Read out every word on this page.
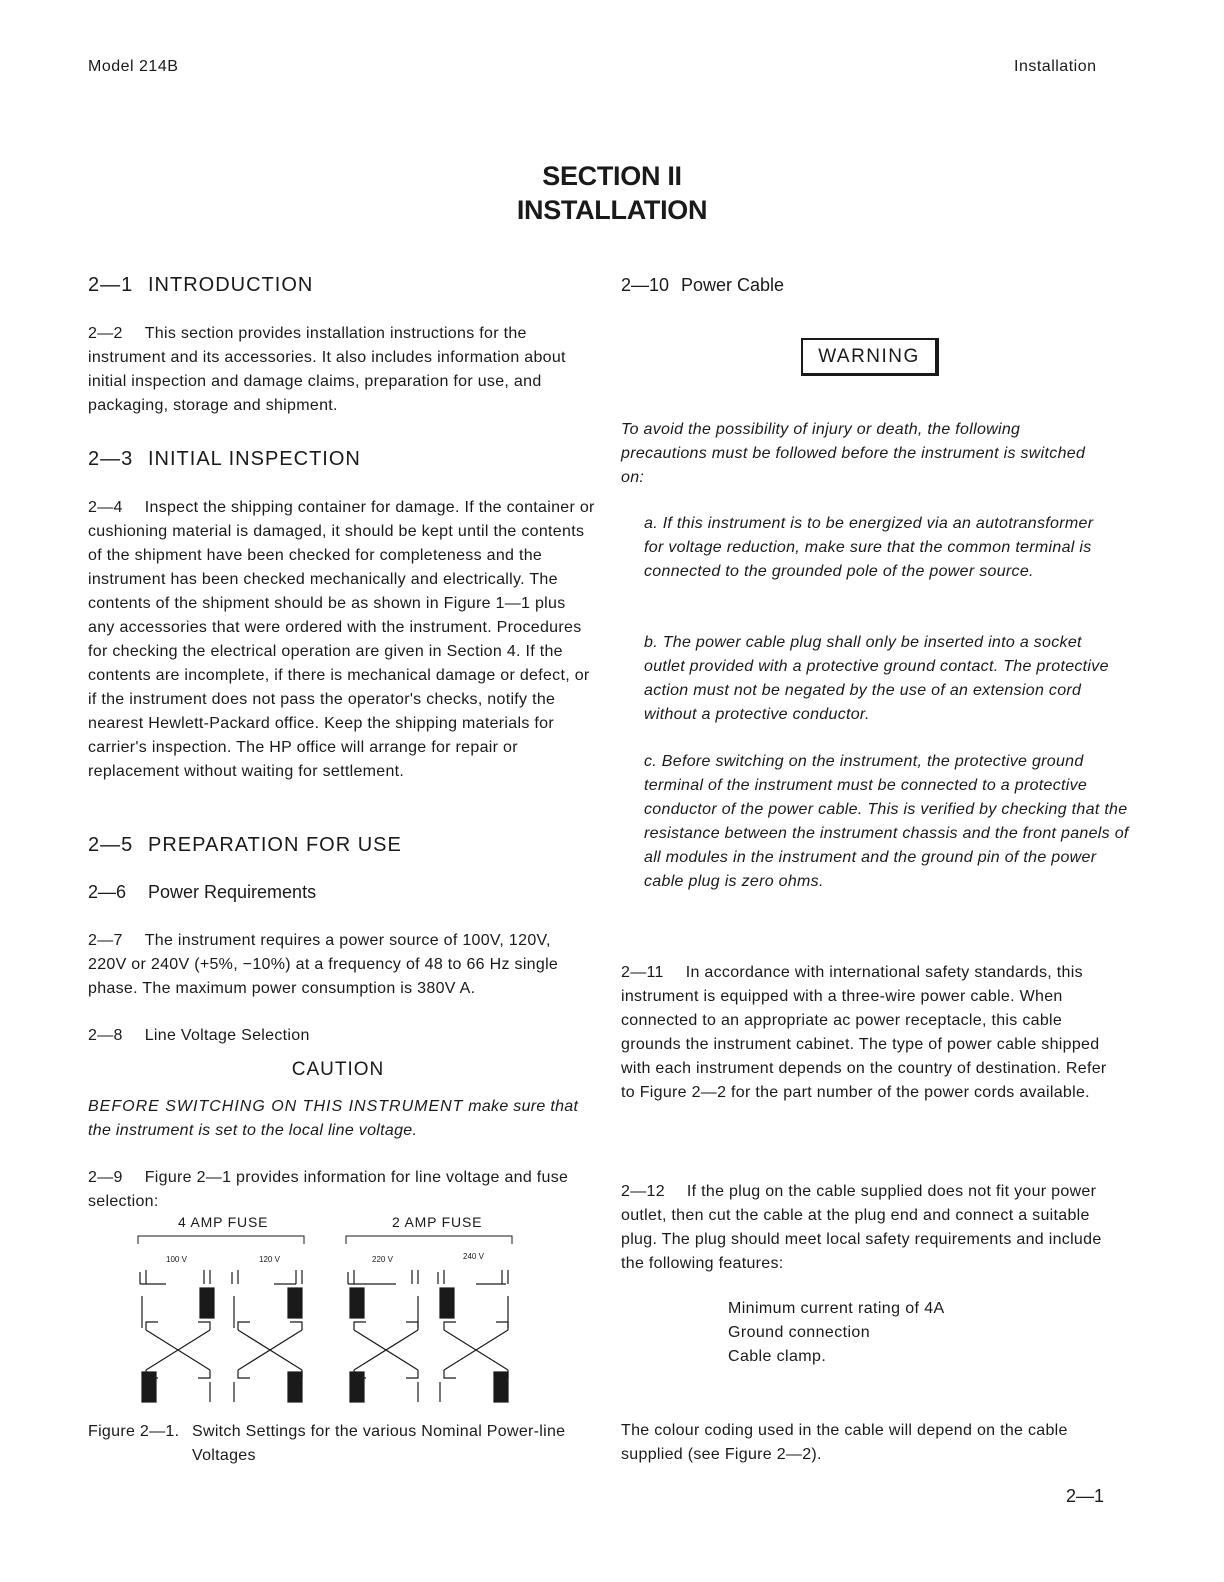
Model 214B	Installation
SECTION II
INSTALLATION
2—1 INTRODUCTION
2—2 This section provides installation instructions for the instrument and its accessories. It also includes information about initial inspection and damage claims, preparation for use, and packaging, storage and shipment.
2—3 INITIAL INSPECTION
2—4 Inspect the shipping container for damage. If the container or cushioning material is damaged, it should be kept until the contents of the shipment have been checked for completeness and the instrument has been checked mechanically and electrically. The contents of the shipment should be as shown in Figure 1—1 plus any accessories that were ordered with the instrument. Procedures for checking the electrical operation are given in Section 4. If the contents are incomplete, if there is mechanical damage or defect, or if the instrument does not pass the operator's checks, notify the nearest Hewlett-Packard office. Keep the shipping materials for carrier's inspection. The HP office will arrange for repair or replacement without waiting for settlement.
2—5 PREPARATION FOR USE
2—6 Power Requirements
2—7 The instrument requires a power source of 100V, 120V, 220V or 240V (+5%, −10%) at a frequency of 48 to 66 Hz single phase. The maximum power consumption is 380V A.
2—8 Line Voltage Selection
CAUTION
BEFORE SWITCHING ON THIS INSTRUMENT make sure that the instrument is set to the local line voltage.
2—9 Figure 2—1 provides information for line voltage and fuse selection:
4 AMP FUSE	2 AMP FUSE
100 V	120 V	220 V	240 V
Figure 2—1. Switch Settings for the various Nominal Power-line Voltages
2—10 Power Cable
WARNING
To avoid the possibility of injury or death, the following precautions must be followed before the instrument is switched on:
a. If this instrument is to be energized via an autotransformer for voltage reduction, make sure that the common terminal is connected to the grounded pole of the power source.
b. The power cable plug shall only be inserted into a socket outlet provided with a protective ground contact. The protective action must not be negated by the use of an extension cord without a protective conductor.
c. Before switching on the instrument, the protective ground terminal of the instrument must be connected to a protective conductor of the power cable. This is verified by checking that the resistance between the instrument chassis and the front panels of all modules in the instrument and the ground pin of the power cable plug is zero ohms.
2—11 In accordance with international safety standards, this instrument is equipped with a three-wire power cable. When connected to an appropriate ac power receptacle, this cable grounds the instrument cabinet. The type of power cable shipped with each instrument depends on the country of destination. Refer to Figure 2—2 for the part number of the power cords available.
2—12 If the plug on the cable supplied does not fit your power outlet, then cut the cable at the plug end and connect a suitable plug. The plug should meet local safety requirements and include the following features:
Minimum current rating of 4A
Ground connection
Cable clamp.
The colour coding used in the cable will depend on the cable supplied (see Figure 2—2).
2—1
